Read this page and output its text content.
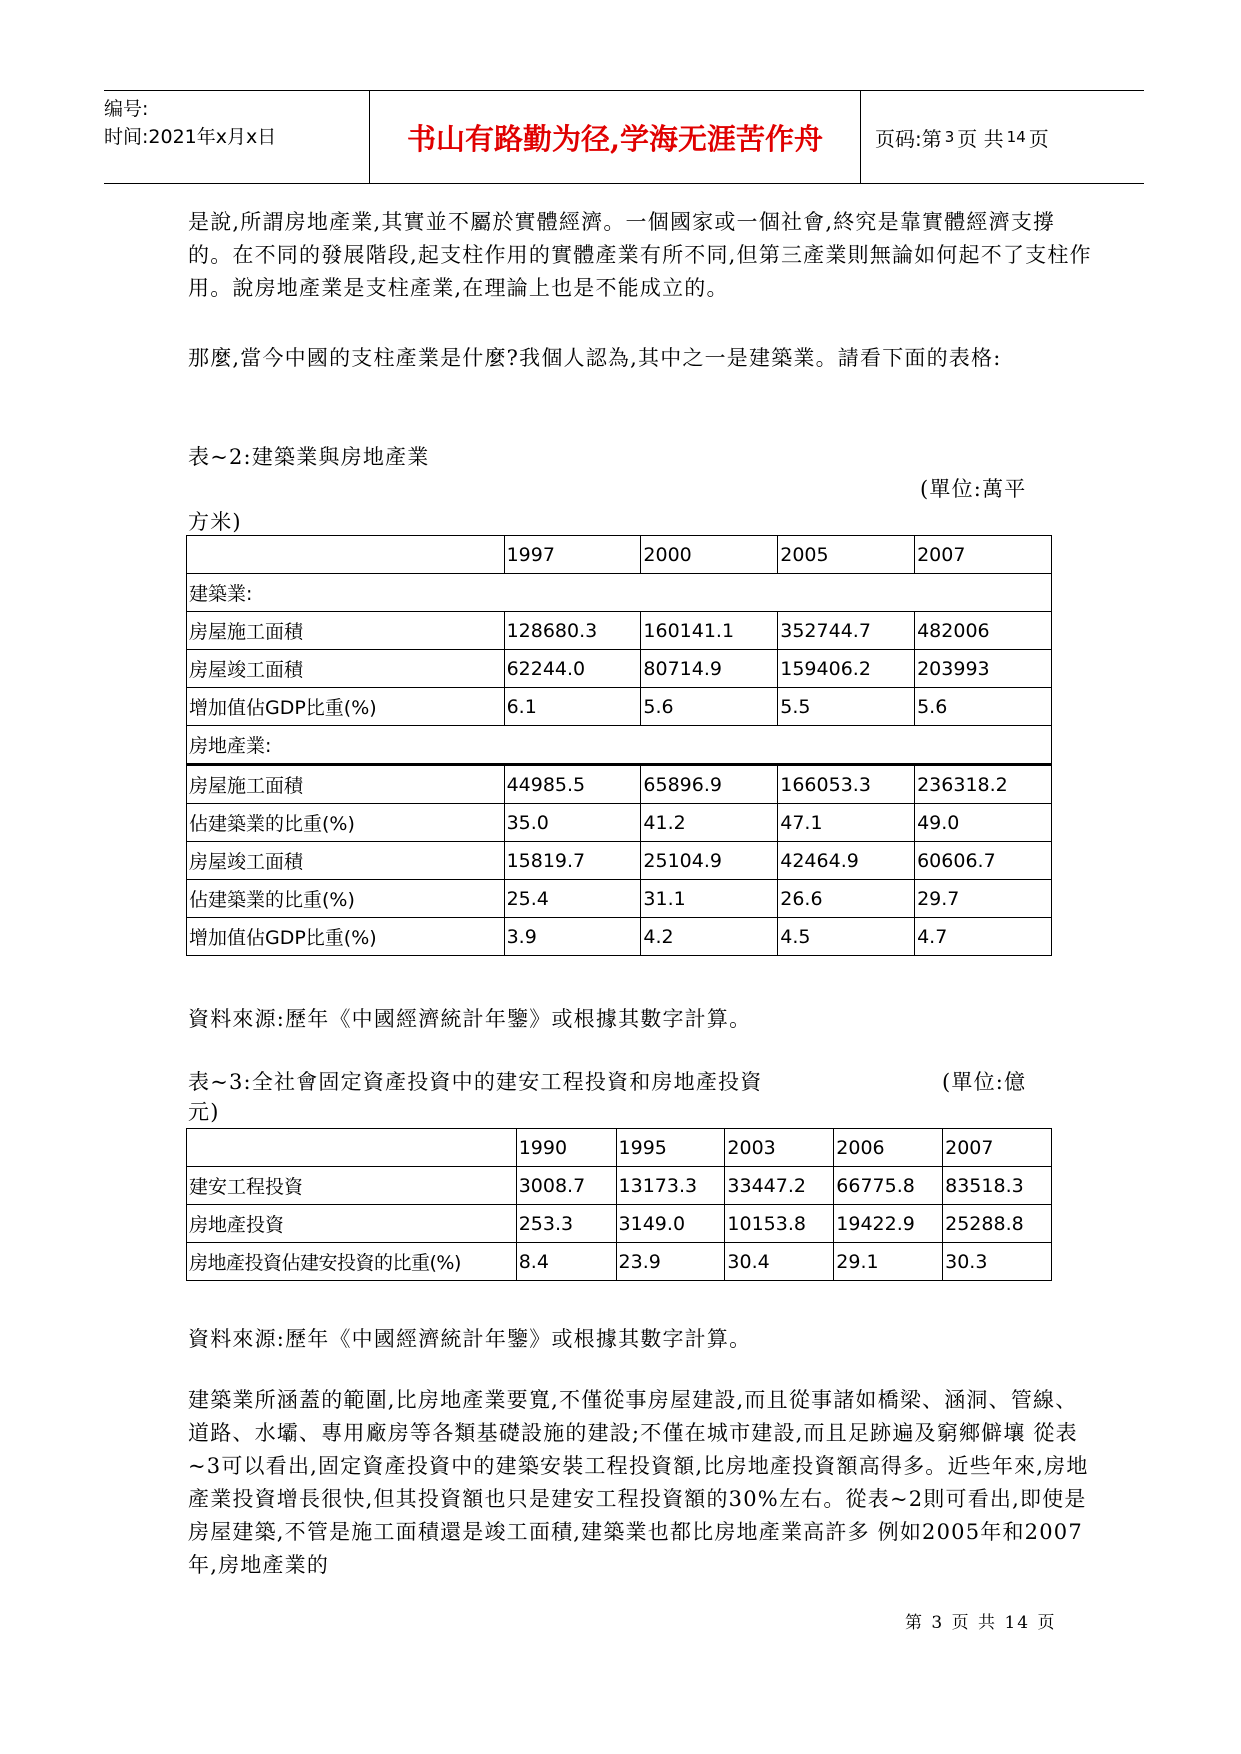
编号:
时间:2021年x月x日	书山有路勤为径,学海无涯苦作舟	页码:第 3 页 共 14 页
是說,所謂房地產業,其實並不屬於實體經濟。一個國家或一個社會,終究是靠實體經濟支撐的。在不同的發展階段,起支柱作用的實體產業有所不同,但第三產業則無論如何起不了支柱作用。說房地產業是支柱產業,在理論上也是不能成立的。
那麼,當今中國的支柱產業是什麼?我個人認為,其中之一是建築業。請看下面的表格:
表~2:建築業與房地產業
(單位:萬平
方米)
	1997	2000	2005	2007
建築業:				
房屋施工面積	128680.3	160141.1	352744.7	482006
房屋竣工面積	62244.0	80714.9	159406.2	203993
增加值佔GDP比重(%)	6.1	5.6	5.5	5.6
房地產業:				
房屋施工面積	44985.5	65896.9	166053.3	236318.2
佔建築業的比重(%)	35.0	41.2	47.1	49.0
房屋竣工面積	15819.7	25104.9	42464.9	60606.7
佔建築業的比重(%)	25.4	31.1	26.6	29.7
增加值佔GDP比重(%)	3.9	4.2	4.5	4.7
資料來源:歷年《中國經濟統計年鑒》或根據其數字計算。
表~3:全社會固定資產投資中的建安工程投資和房地產投資	(單位:億
元)
	1990	1995	2003	2006	2007
建安工程投資	3008.7	13173.3	33447.2	66775.8	83518.3
房地產投資	253.3	3149.0	10153.8	19422.9	25288.8
房地產投資佔建安投資的比重(%)	8.4	23.9	30.4	29.1	30.3
資料來源:歷年《中國經濟統計年鑒》或根據其數字計算。
建築業所涵蓋的範圍,比房地產業要寬,不僅從事房屋建設,而且從事諸如橋梁、涵洞、管線、道路、水壩、專用廠房等各類基礎設施的建設;不僅在城市建設,而且足跡遍及窮鄉僻壤 從表~3可以看出,固定資產投資中的建築安裝工程投資額,比房地產投資額高得多。近些年來,房地產業投資增長很快,但其投資額也只是建安工程投資額的30%左右。從表~2則可看出,即使是房屋建築,不管是施工面積還是竣工面積,建築業也都比房地產業高許多 例如2005年和2007年,房地產業的
第 3 页 共 14 页
